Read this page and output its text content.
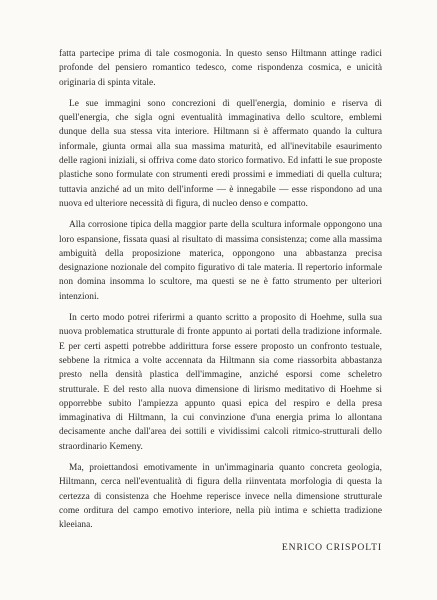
fatta partecipe prima di tale cosmogonia. In questo senso Hiltmann attinge radici profonde del pensiero romantico tedesco, come rispondenza cosmica, e unicità originaria di spinta vitale.

Le sue immagini sono concrezioni di quell'energia, dominio e riserva di quell'energia, che sigla ogni eventualità immaginativa dello scultore, emblemi dunque della sua stessa vita interiore. Hiltmann si è affermato quando la cultura informale, giunta ormai alla sua massima maturità, ed all'inevitabile esaurimento delle ragioni iniziali, si offriva come dato storico formativo. Ed infatti le sue proposte plastiche sono formulate con strumenti eredi prossimi e immediati di quella cultura; tuttavia anziché ad un mito dell'informe — è innegabile — esse rispondono ad una nuova ed ulteriore necessità di figura, di nucleo denso e compatto.

Alla corrosione tipica della maggior parte della scultura informale oppongono una loro espansione, fissata quasi al risultato di massima consistenza; come alla massima ambiguità della proposizione materica, oppongono una abbastanza precisa designazione nozionale del compito figurativo di tale materia. Il repertorio informale non domina insomma lo scultore, ma questi se ne è fatto strumento per ulteriori intenzioni.

In certo modo potrei riferirmi a quanto scritto a proposito di Hoehme, sulla sua nuova problematica strutturale di fronte appunto ai portati della tradizione informale. E per certi aspetti potrebbe addirittura forse essere proposto un confronto testuale, sebbene la ritmica a volte accennata da Hiltmann sia come riassorbita abbastanza presto nella densità plastica dell'immagine, anziché esporsi come scheletro strutturale. E del resto alla nuova dimensione di lirismo meditativo di Hoehme si opporrebbe subito l'ampiezza appunto quasi epica del respiro e della presa immaginativa di Hiltmann, la cui convinzione d'una energia prima lo allontana decisamente anche dall'area dei sottili e vividissimi calcoli ritmico-strutturali dello straordinario Kemeny.

Ma, proiettandosi emotivamente in un'immaginaria quanto concreta geologia, Hiltmann, cerca nell'eventualità di figura della riinventata morfologia di questa la certezza di consistenza che Hoehme reperisce invece nella dimensione strutturale come orditura del campo emotivo interiore, nella più intima e schietta tradizione kleeiana.

ENRICO CRISPOLTI
